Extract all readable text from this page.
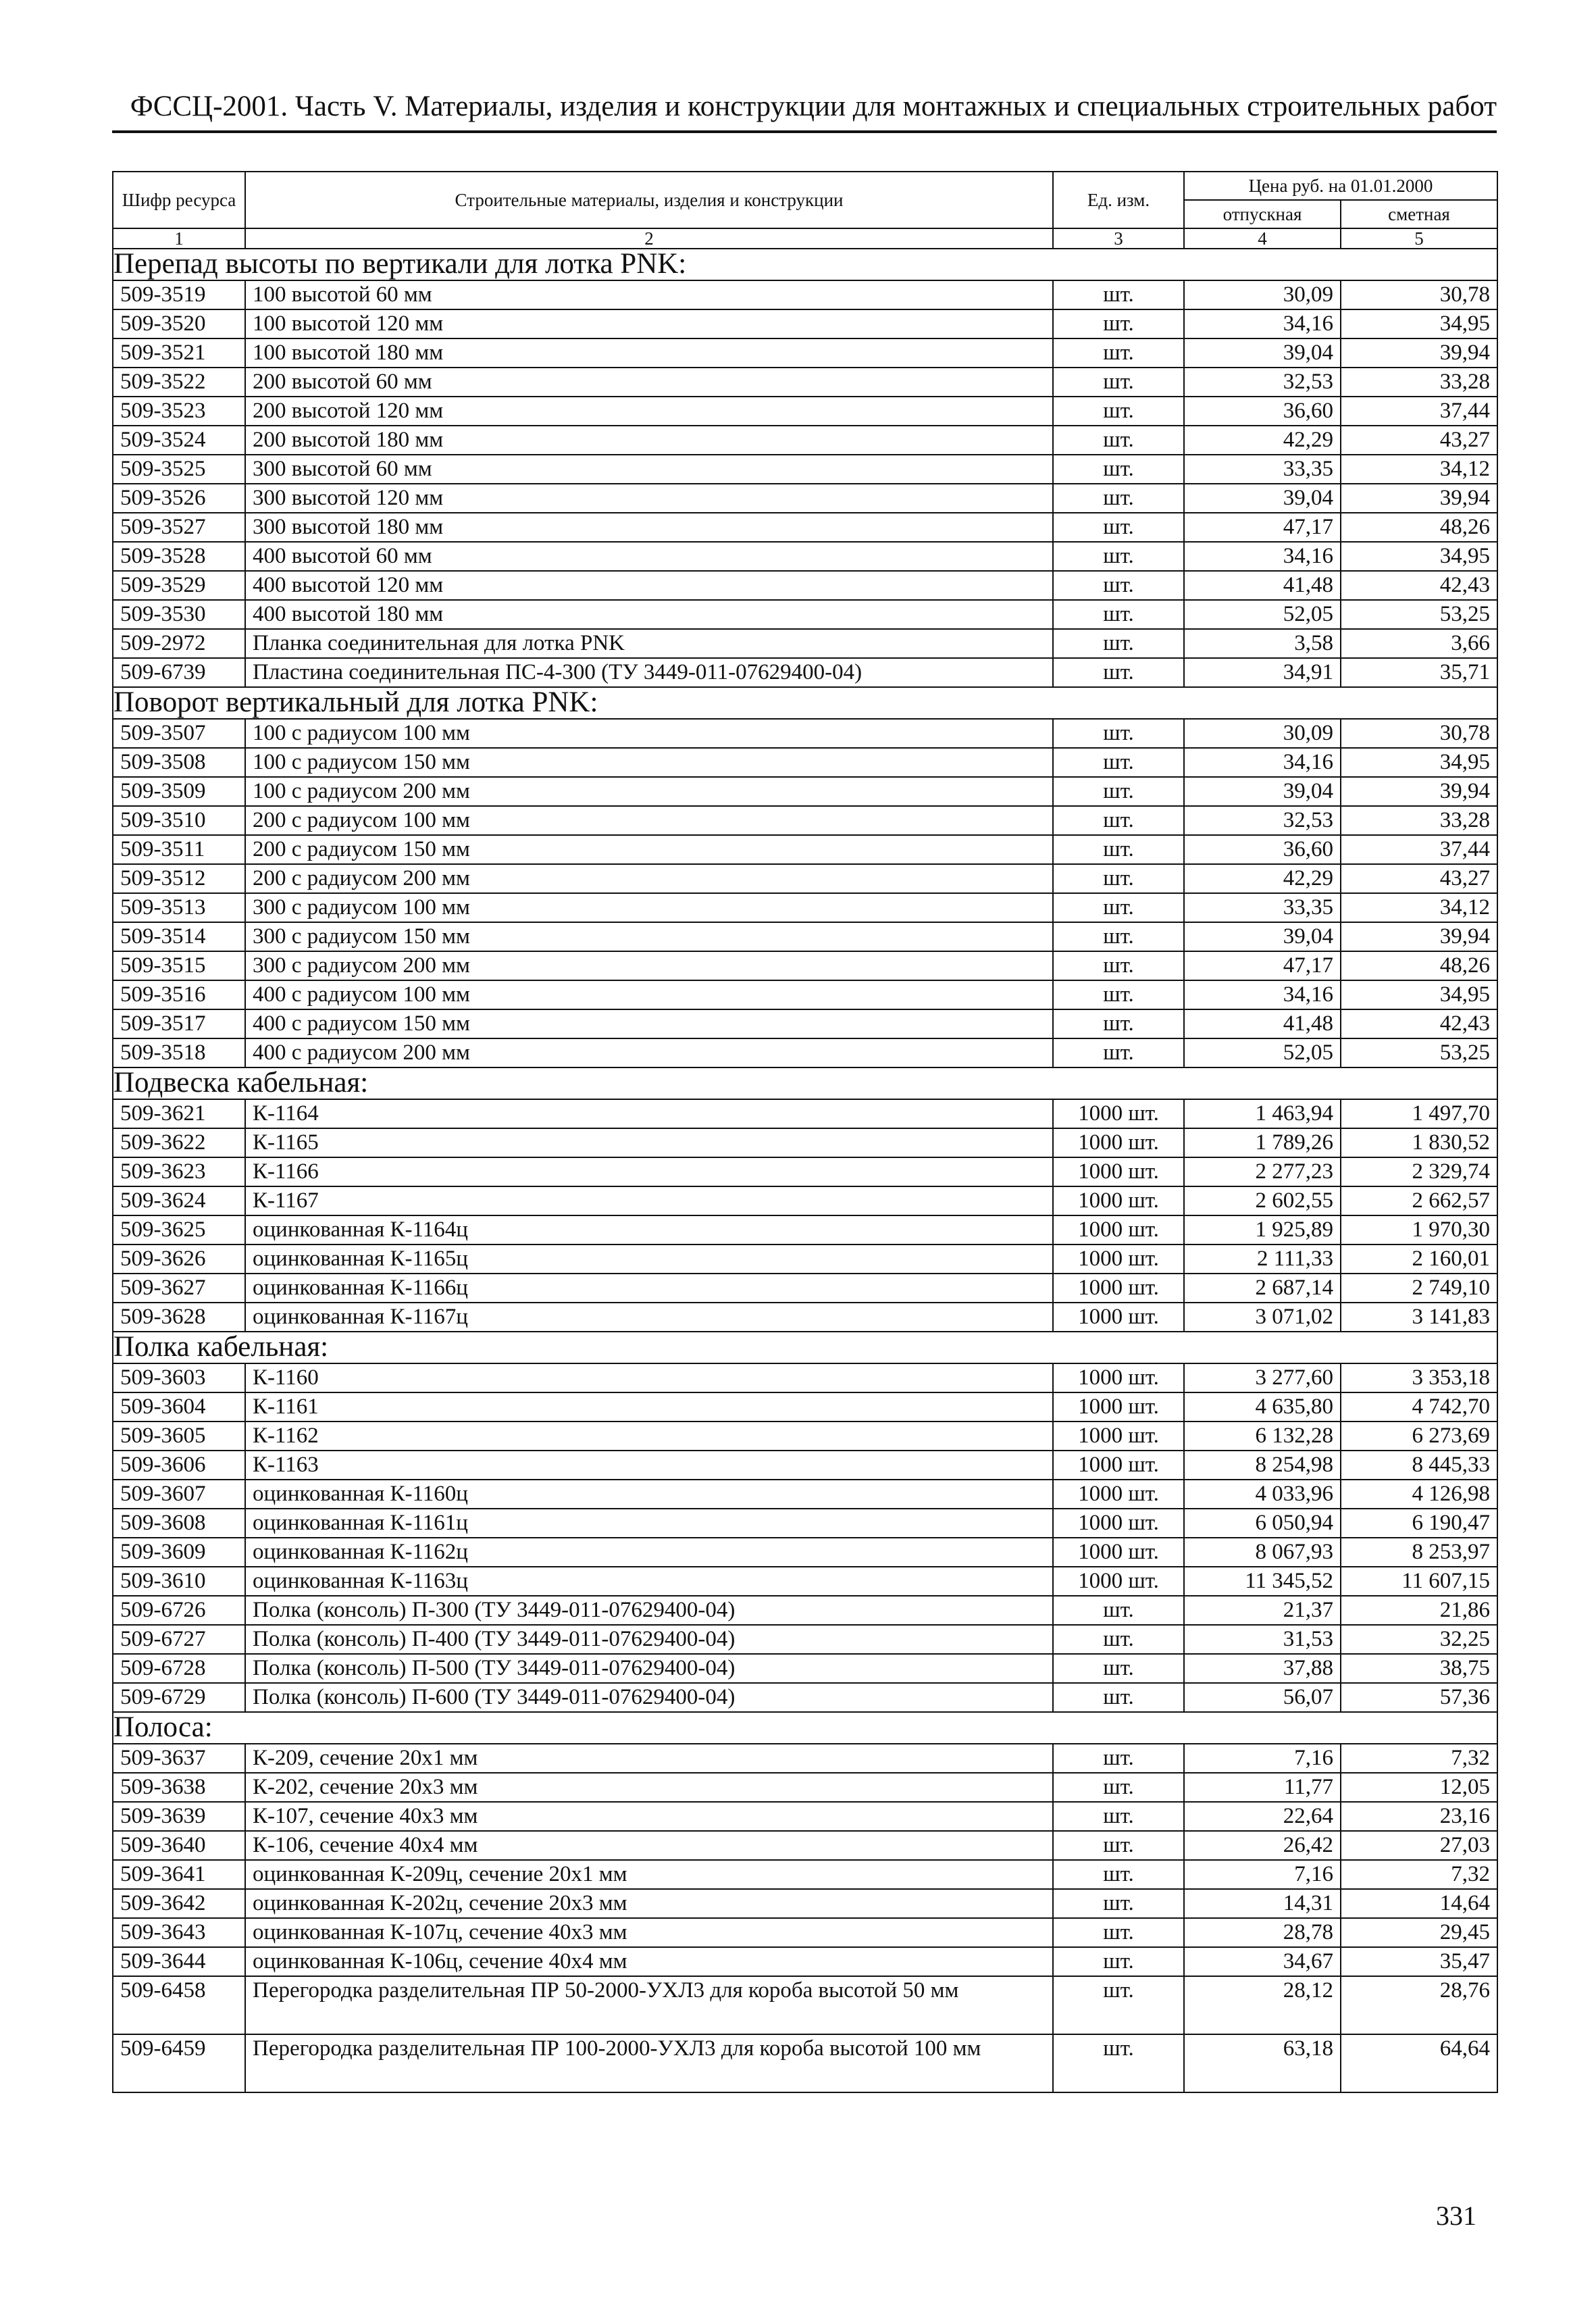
ФССЦ-2001. Часть V. Материалы, изделия и конструкции для монтажных и специальных строительных работ
Шифр ресурса	Строительные материалы, изделия и конструкции	Ед. изм.	Цена руб. на 01.01.2000	
			отпускная	сметная
1	2	3	4	5
Перепад высоты по вертикали для лотка PNK:				
509-3519	100 высотой 60 мм	шт.	30,09	30,78
509-3520	100 высотой 120 мм	шт.	34,16	34,95
509-3521	100 высотой 180 мм	шт.	39,04	39,94
509-3522	200 высотой 60 мм	шт.	32,53	33,28
509-3523	200 высотой 120 мм	шт.	36,60	37,44
509-3524	200 высотой 180 мм	шт.	42,29	43,27
509-3525	300 высотой 60 мм	шт.	33,35	34,12
509-3526	300 высотой 120 мм	шт.	39,04	39,94
509-3527	300 высотой 180 мм	шт.	47,17	48,26
509-3528	400 высотой 60 мм	шт.	34,16	34,95
509-3529	400 высотой 120 мм	шт.	41,48	42,43
509-3530	400 высотой 180 мм	шт.	52,05	53,25
509-2972	Планка соединительная для лотка PNK	шт.	3,58	3,66
509-6739	Пластина соединительная ПС-4-300 (ТУ 3449-011-07629400-04)	шт.	34,91	35,71
Поворот вертикальный для лотка PNK:				
509-3507	100 с радиусом 100 мм	шт.	30,09	30,78
509-3508	100 с радиусом 150 мм	шт.	34,16	34,95
509-3509	100 с радиусом 200 мм	шт.	39,04	39,94
509-3510	200 с радиусом 100 мм	шт.	32,53	33,28
509-3511	200 с радиусом 150 мм	шт.	36,60	37,44
509-3512	200 с радиусом 200 мм	шт.	42,29	43,27
509-3513	300 с радиусом 100 мм	шт.	33,35	34,12
509-3514	300 с радиусом 150 мм	шт.	39,04	39,94
509-3515	300 с радиусом 200 мм	шт.	47,17	48,26
509-3516	400 с радиусом 100 мм	шт.	34,16	34,95
509-3517	400 с радиусом 150 мм	шт.	41,48	42,43
509-3518	400 с радиусом 200 мм	шт.	52,05	53,25
Подвеска кабельная:				
509-3621	К-1164	1000 шт.	1 463,94	1 497,70
509-3622	К-1165	1000 шт.	1 789,26	1 830,52
509-3623	К-1166	1000 шт.	2 277,23	2 329,74
509-3624	К-1167	1000 шт.	2 602,55	2 662,57
509-3625	оцинкованная К-1164ц	1000 шт.	1 925,89	1 970,30
509-3626	оцинкованная К-1165ц	1000 шт.	2 111,33	2 160,01
509-3627	оцинкованная К-1166ц	1000 шт.	2 687,14	2 749,10
509-3628	оцинкованная К-1167ц	1000 шт.	3 071,02	3 141,83
Полка кабельная:				
509-3603	К-1160	1000 шт.	3 277,60	3 353,18
509-3604	К-1161	1000 шт.	4 635,80	4 742,70
509-3605	К-1162	1000 шт.	6 132,28	6 273,69
509-3606	К-1163	1000 шт.	8 254,98	8 445,33
509-3607	оцинкованная К-1160ц	1000 шт.	4 033,96	4 126,98
509-3608	оцинкованная К-1161ц	1000 шт.	6 050,94	6 190,47
509-3609	оцинкованная К-1162ц	1000 шт.	8 067,93	8 253,97
509-3610	оцинкованная К-1163ц	1000 шт.	11 345,52	11 607,15
509-6726	Полка (консоль) П-300 (ТУ 3449-011-07629400-04)	шт.	21,37	21,86
509-6727	Полка (консоль) П-400 (ТУ 3449-011-07629400-04)	шт.	31,53	32,25
509-6728	Полка (консоль) П-500 (ТУ 3449-011-07629400-04)	шт.	37,88	38,75
509-6729	Полка (консоль) П-600 (ТУ 3449-011-07629400-04)	шт.	56,07	57,36
Полоса:				
509-3637	К-209, сечение 20х1 мм	шт.	7,16	7,32
509-3638	К-202, сечение 20х3 мм	шт.	11,77	12,05
509-3639	К-107, сечение 40х3 мм	шт.	22,64	23,16
509-3640	К-106, сечение 40х4 мм	шт.	26,42	27,03
509-3641	оцинкованная К-209ц, сечение 20х1 мм	шт.	7,16	7,32
509-3642	оцинкованная К-202ц, сечение 20х3 мм	шт.	14,31	14,64
509-3643	оцинкованная К-107ц, сечение 40х3 мм	шт.	28,78	29,45
509-3644	оцинкованная К-106ц, сечение 40х4 мм	шт.	34,67	35,47
509-6458	Перегородка разделительная ПР 50-2000-УХЛ3 для короба высотой 50 мм	шт.	28,12	28,76
509-6459	Перегородка разделительная ПР 100-2000-УХЛ3 для короба высотой 100 мм	шт.	63,18	64,64
331
